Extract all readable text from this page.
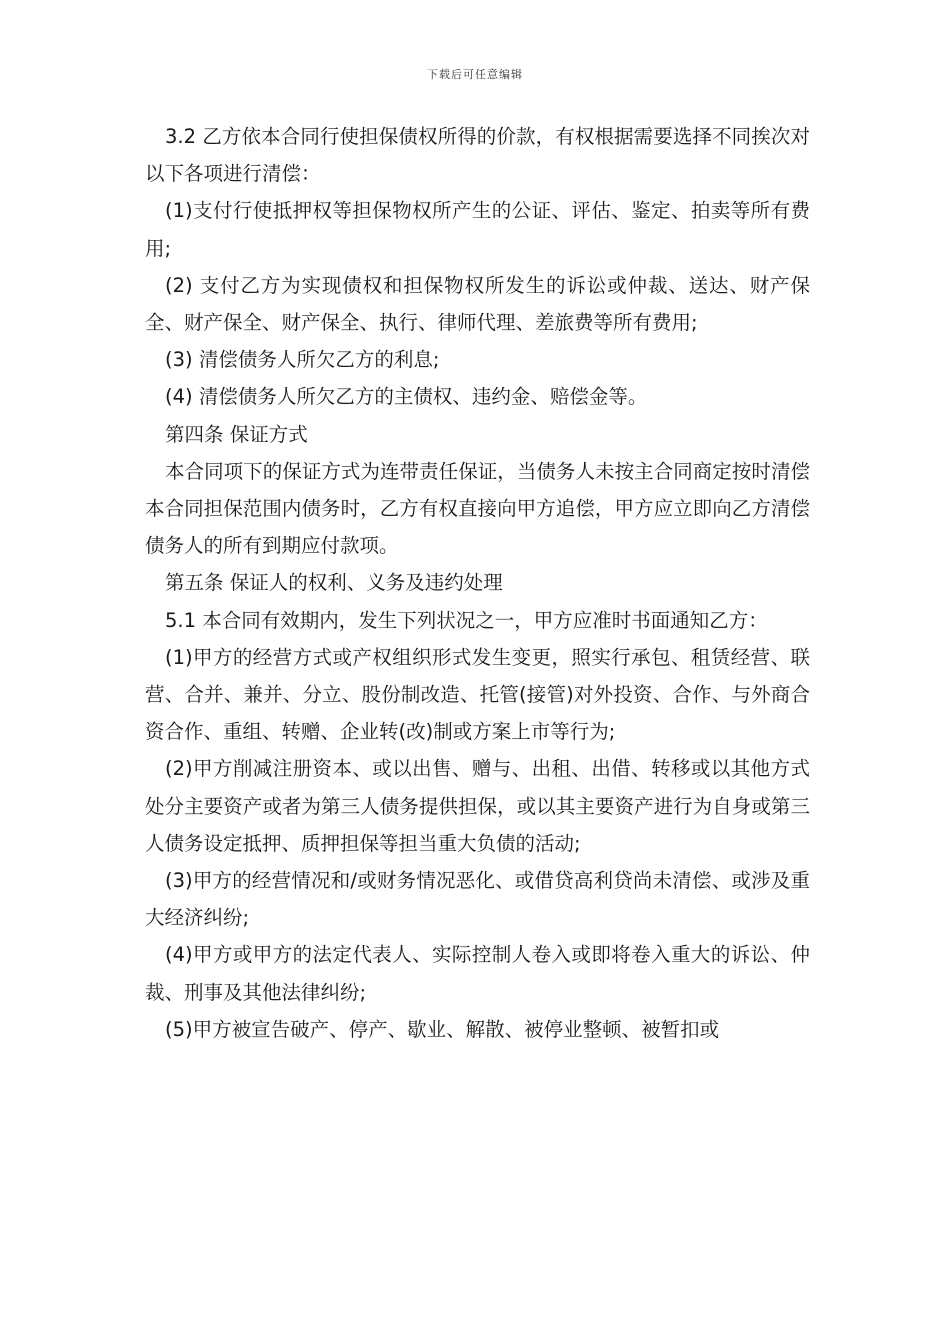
下载后可任意编辑

3.2 乙方依本合同行使担保债权所得的价款，有权根据需要选择不同挨次对以下各项进行清偿：

(1)支付行使抵押权等担保物权所产生的公证、评估、鉴定、拍卖等所有费用;

(2) 支付乙方为实现债权和担保物权所发生的诉讼或仲裁、送达、财产保全、财产保全、财产保全、执行、律师代理、差旅费等所有费用;

(3) 清偿债务人所欠乙方的利息;

(4) 清偿债务人所欠乙方的主债权、违约金、赔偿金等。

第四条 保证方式

本合同项下的保证方式为连带责任保证，当债务人未按主合同商定按时清偿本合同担保范围内债务时，乙方有权直接向甲方追偿，甲方应立即向乙方清偿债务人的所有到期应付款项。

第五条 保证人的权利、义务及违约处理

5.1 本合同有效期内，发生下列状况之一，甲方应准时书面通知乙方：

(1)甲方的经营方式或产权组织形式发生变更，照实行承包、租赁经营、联营、合并、兼并、分立、股份制改造、托管(接管)对外投资、合作、与外商合资合作、重组、转赠、企业转(改)制或方案上市等行为;

(2)甲方削减注册资本、或以出售、赠与、出租、出借、转移或以其他方式处分主要资产或者为第三人债务提供担保，或以其主要资产进行为自身或第三人债务设定抵押、质押担保等担当重大负债的活动;

(3)甲方的经营情况和/或财务情况恶化、或借贷高利贷尚未清偿、或涉及重大经济纠纷;

(4)甲方或甲方的法定代表人、实际控制人卷入或即将卷入重大的诉讼、仲裁、刑事及其他法律纠纷;

(5)甲方被宣告破产、停产、歇业、解散、被停业整顿、被暂扣或
